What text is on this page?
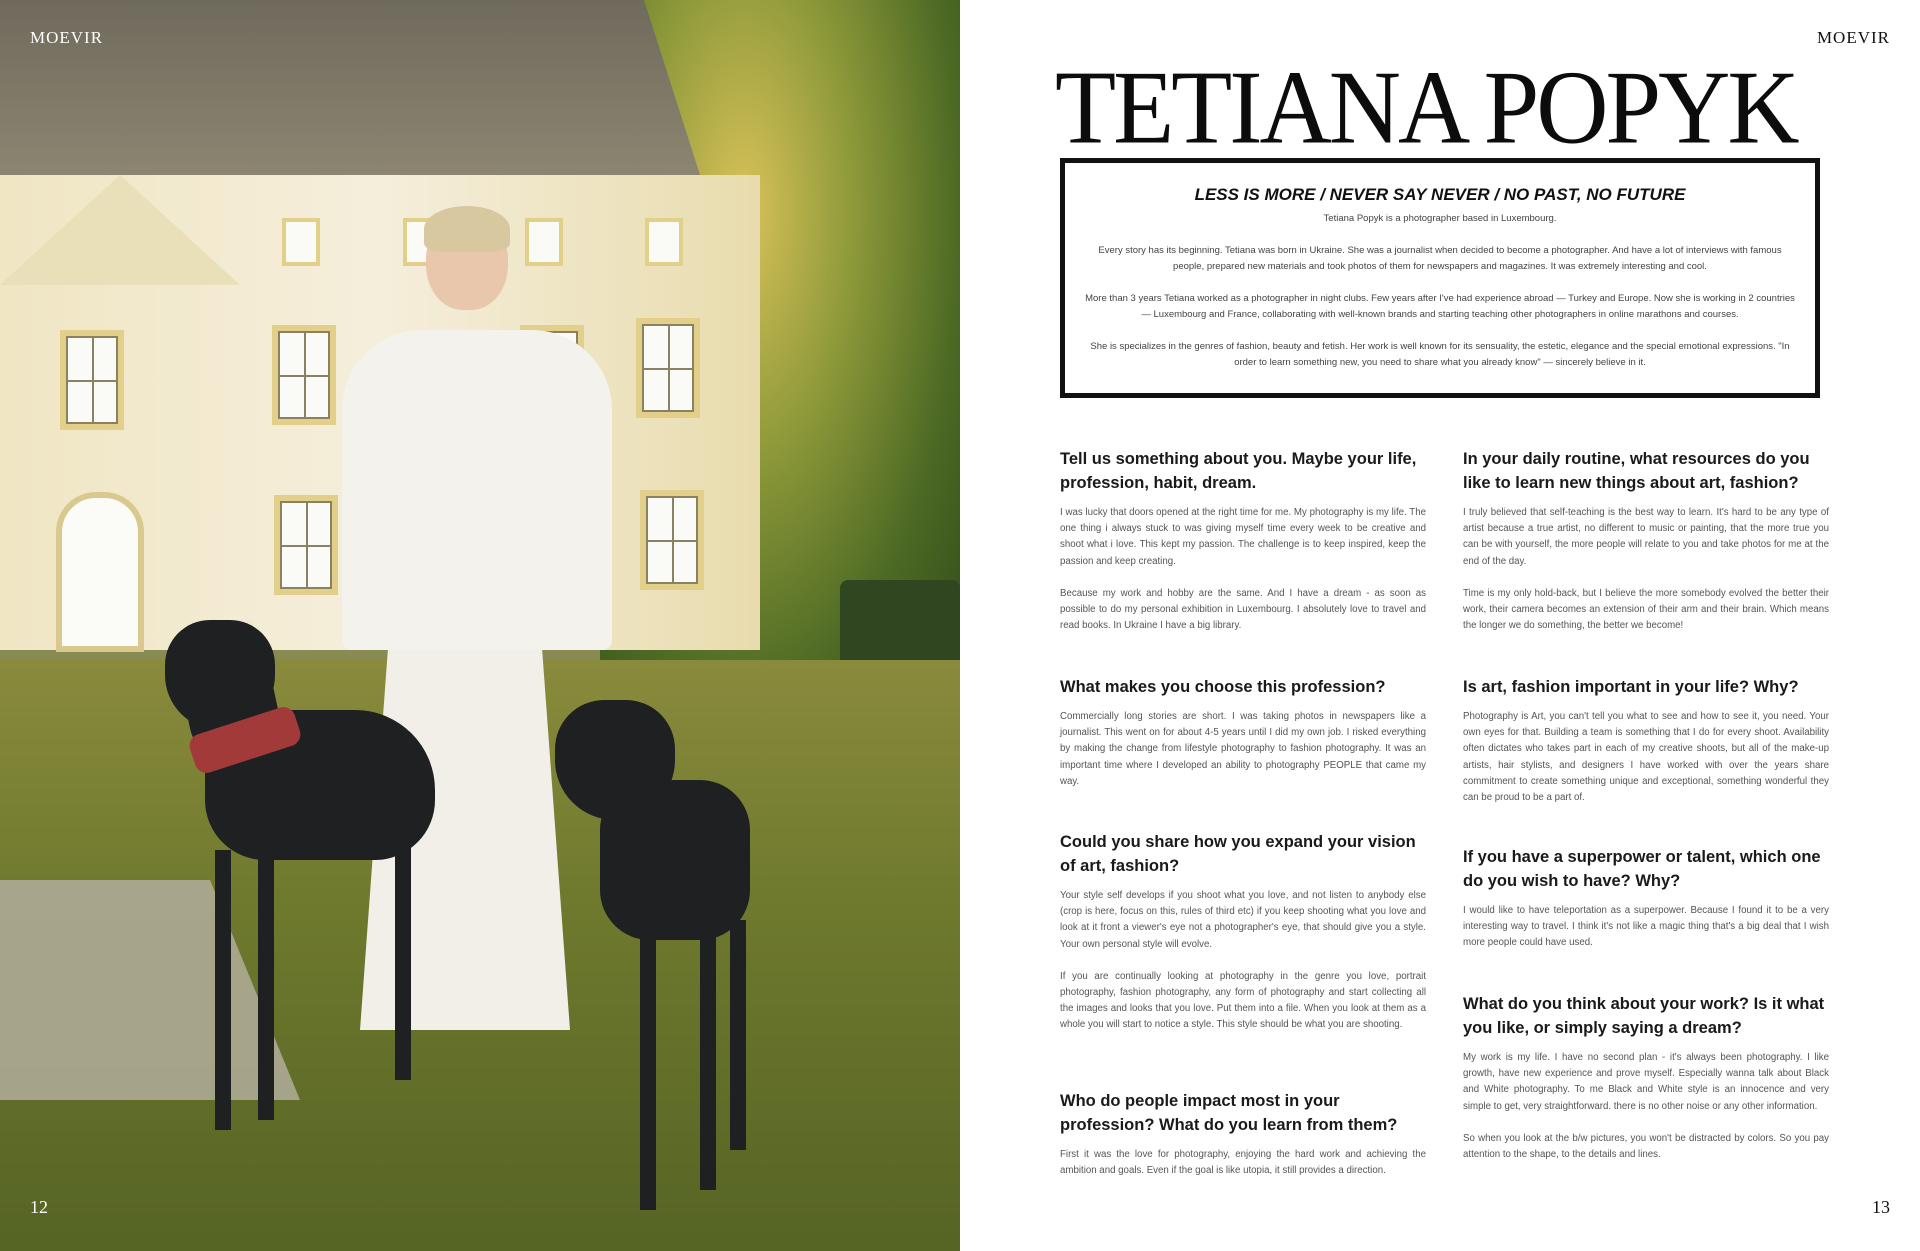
MOEVIR
12
MOEVIR
13
TETIANA POPYK
LESS IS MORE / NEVER SAY NEVER / NO PAST, NO FUTURE

Tetiana Popyk is a photographer based in Luxembourg.

Every story has its beginning. Tetiana was born in Ukraine. She was a journalist when decided to become a photographer. And have a lot of interviews with famous people, prepared new materials and took photos of them for newspapers and magazines. It was extremely interesting and cool.

More than 3 years Tetiana worked as a photographer in night clubs. Few years after I've had experience abroad — Turkey and Europe. Now she is working in 2 countries — Luxembourg and France, collaborating with well-known brands and starting teaching other photographers in online marathons and courses.

She is specializes in the genres of fashion, beauty and fetish. Her work is well known for its sensuality, the estetic, elegance and the special emotional expressions. "In order to learn something new, you need to share what you already know" — sincerely believe in it.

Tell us something about you. Maybe your life, profession, habit, dream.
I was lucky that doors opened at the right time for me. My photography is my life. The one thing i always stuck to was giving myself time every week to be creative and shoot what i love. This kept my passion. The challenge is to keep inspired, keep the passion and keep creating.
Because my work and hobby are the same. And I have a dream - as soon as possible to do my personal exhibition in Luxembourg. I absolutely love to travel and read books. In Ukraine I have a big library.
What makes you choose this profession?
Commercially long stories are short. I was taking photos in newspapers like a journalist. This went on for about 4-5 years until I did my own job. I risked everything by making the change from lifestyle photography to fashion photography. It was an important time where I developed an ability to photography PEOPLE that came my way.
Could you share how you expand your vision of art, fashion?
Your style self develops if you shoot what you love, and not listen to anybody else (crop is here, focus on this, rules of third etc) if you keep shooting what you love and look at it front a viewer's eye not a photographer's eye, that should give you a style. Your own personal style will evolve.
If you are continually looking at photography in the genre you love, portrait photography, fashion photography, any form of photography and start collecting all the images and looks that you love. Put them into a file. When you look at them as a whole you will start to notice a style. This style should be what you are shooting.
Who do people impact most in your profession? What do you learn from them?
First it was the love for photography, enjoying the hard work and achieving the ambition and goals. Even if the goal is like utopia, it still provides a direction.
In your daily routine, what resources do you like to learn new things about art, fashion?
I truly believed that self-teaching is the best way to learn. It's hard to be any type of artist because a true artist, no different to music or painting, that the more true you can be with yourself, the more people will relate to you and take photos for me at the end of the day.
Time is my only hold-back, but I believe the more somebody evolved the better their work, their camera becomes an extension of their arm and their brain. Which means the longer we do something, the better we become!
Is art, fashion important in your life? Why?
Photography is Art, you can't tell you what to see and how to see it, you need. Your own eyes for that. Building a team is something that I do for every shoot. Availability often dictates who takes part in each of my creative shoots, but all of the make-up artists, hair stylists, and designers I have worked with over the years share commitment to create something unique and exceptional, something wonderful they can be proud to be a part of.
If you have a superpower or talent, which one do you wish to have? Why?
I would like to have teleportation as a superpower. Because I found it to be a very interesting way to travel. I think it's not like a magic thing that's a big deal that I wish more people could have used.
What do you think about your work? Is it what you like, or simply saying a dream?
My work is my life. I have no second plan - it's always been photography. I like growth, have new experience and prove myself. Especially wanna talk about Black and White photography. To me Black and White style is an innocence and very simple to get, very straightforward. there is no other noise or any other information.
So when you look at the b/w pictures, you won't be distracted by colors. So you pay attention to the shape, to the details and lines.
